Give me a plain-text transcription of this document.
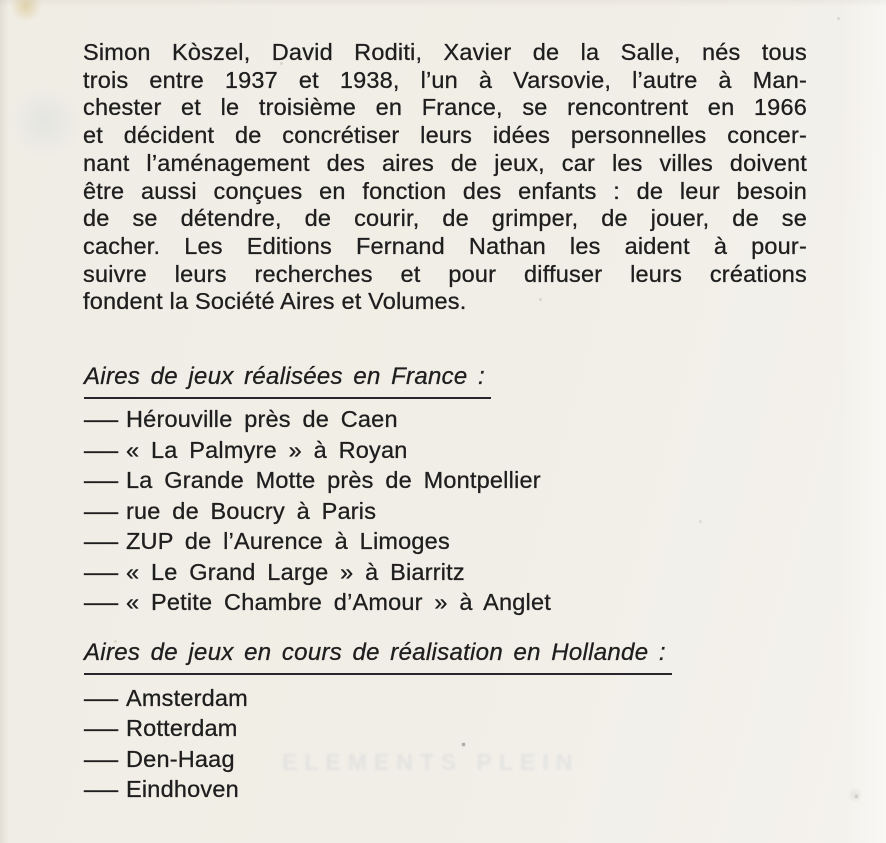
ELEMENTS PLEIN
Simon Kòszel, David Roditi, Xavier de la Salle, nés tous
trois entre 1937 et 1938, l’un à Varsovie, l’autre à Man-
chester et le troisième en France, se rencontrent en 1966
et décident de concrétiser leurs idées personnelles concer-
nant l’aménagement des aires de jeux, car les villes doivent
être aussi conçues en fonction des enfants : de leur besoin
de se détendre, de courir, de grimper, de jouer, de se
cacher. Les Editions Fernand Nathan les aident à pour-
suivre leurs recherches et pour diffuser leurs créations
fondent la Société Aires et Volumes.
Aires de jeux réalisées en France :
— Hérouville près de Caen
— « La Palmyre » à Royan
— La Grande Motte près de Montpellier
— rue de Boucry à Paris
— ZUP de l’Aurence à Limoges
— « Le Grand Large » à Biarritz
— « Petite Chambre d’Amour » à Anglet
Aires de jeux en cours de réalisation en Hollande :
— Amsterdam
— Rotterdam
— Den-Haag
— Eindhoven
